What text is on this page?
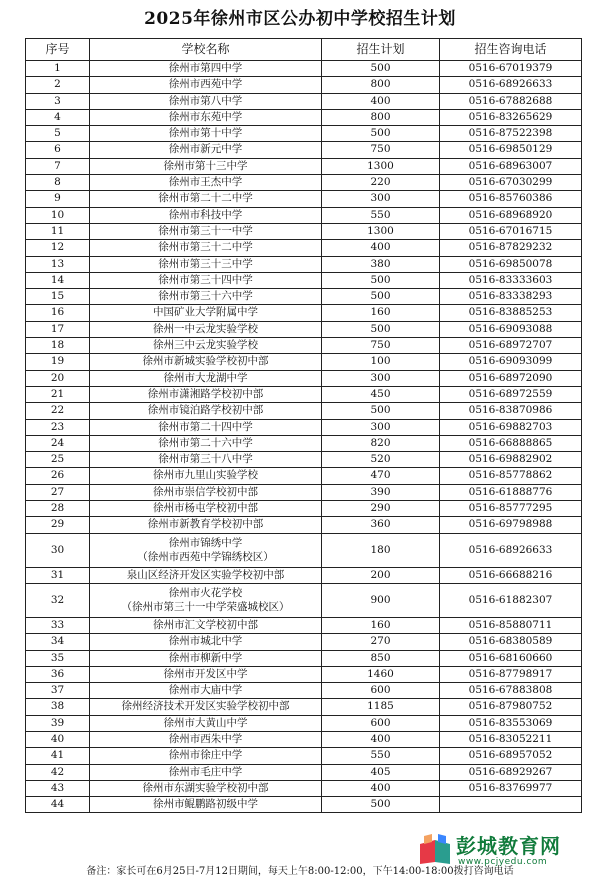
2025年徐州市区公办初中学校招生计划
序号	学校名称	招生计划	招生咨询电话
1	徐州市第四中学	500	0516-67019379
2	徐州市西苑中学	800	0516-68926633
3	徐州市第八中学	400	0516-67882688
4	徐州市东苑中学	800	0516-83265629
5	徐州市第十中学	500	0516-87522398
6	徐州市新元中学	750	0516-69850129
7	徐州市第十三中学	1300	0516-68963007
8	徐州市王杰中学	220	0516-67030299
9	徐州市第二十二中学	300	0516-85760386
10	徐州市科技中学	550	0516-68968920
11	徐州市第三十一中学	1300	0516-67016715
12	徐州市第三十二中学	400	0516-87829232
13	徐州市第三十三中学	380	0516-69850078
14	徐州市第三十四中学	500	0516-83333603
15	徐州市第三十六中学	500	0516-83338293
16	中国矿业大学附属中学	160	0516-83885253
17	徐州一中云龙实验学校	500	0516-69093088
18	徐州三中云龙实验学校	750	0516-68972707
19	徐州市新城实验学校初中部	100	0516-69093099
20	徐州市大龙湖中学	300	0516-68972090
21	徐州市潇湘路学校初中部	450	0516-68972559
22	徐州市镜泊路学校初中部	500	0516-83870986
23	徐州市第二十四中学	300	0516-69882703
24	徐州市第二十六中学	820	0516-66888865
25	徐州市第三十八中学	520	0516-69882902
26	徐州市九里山实验学校	470	0516-85778862
27	徐州市崇信学校初中部	390	0516-61888776
28	徐州市杨屯学校初中部	290	0516-85777295
29	徐州市新教育学校初中部	360	0516-69798988
30	徐州市锦绣中学
（徐州市西苑中学锦绣校区）	180	0516-68926633
31	泉山区经济开发区实验学校初中部	200	0516-66688216
32	徐州市火花学校
（徐州市第三十一中学荣盛城校区）	900	0516-61882307
33	徐州市汇文学校初中部	160	0516-85880711
34	徐州市城北中学	270	0516-68380589
35	徐州市柳新中学	850	0516-68160660
36	徐州市开发区中学	1460	0516-87798917
37	徐州市大庙中学	600	0516-67883808
38	徐州经济技术开发区实验学校初中部	1185	0516-87980752
39	徐州市大黄山中学	600	0516-83553069
40	徐州市西朱中学	400	0516-83052211
41	徐州市徐庄中学	550	0516-68957052
42	徐州市毛庄中学	405	0516-68929267
43	徐州市东湖实验学校初中部	400	0516-83769977
44	徐州市鲲鹏路初级中学	500	
备注：家长可在6月25日-7月12日期间，每天上午8:00-12:00，下午14:00-18:00拨打咨询电话
彭城教育网
www.pcjyedu.com
